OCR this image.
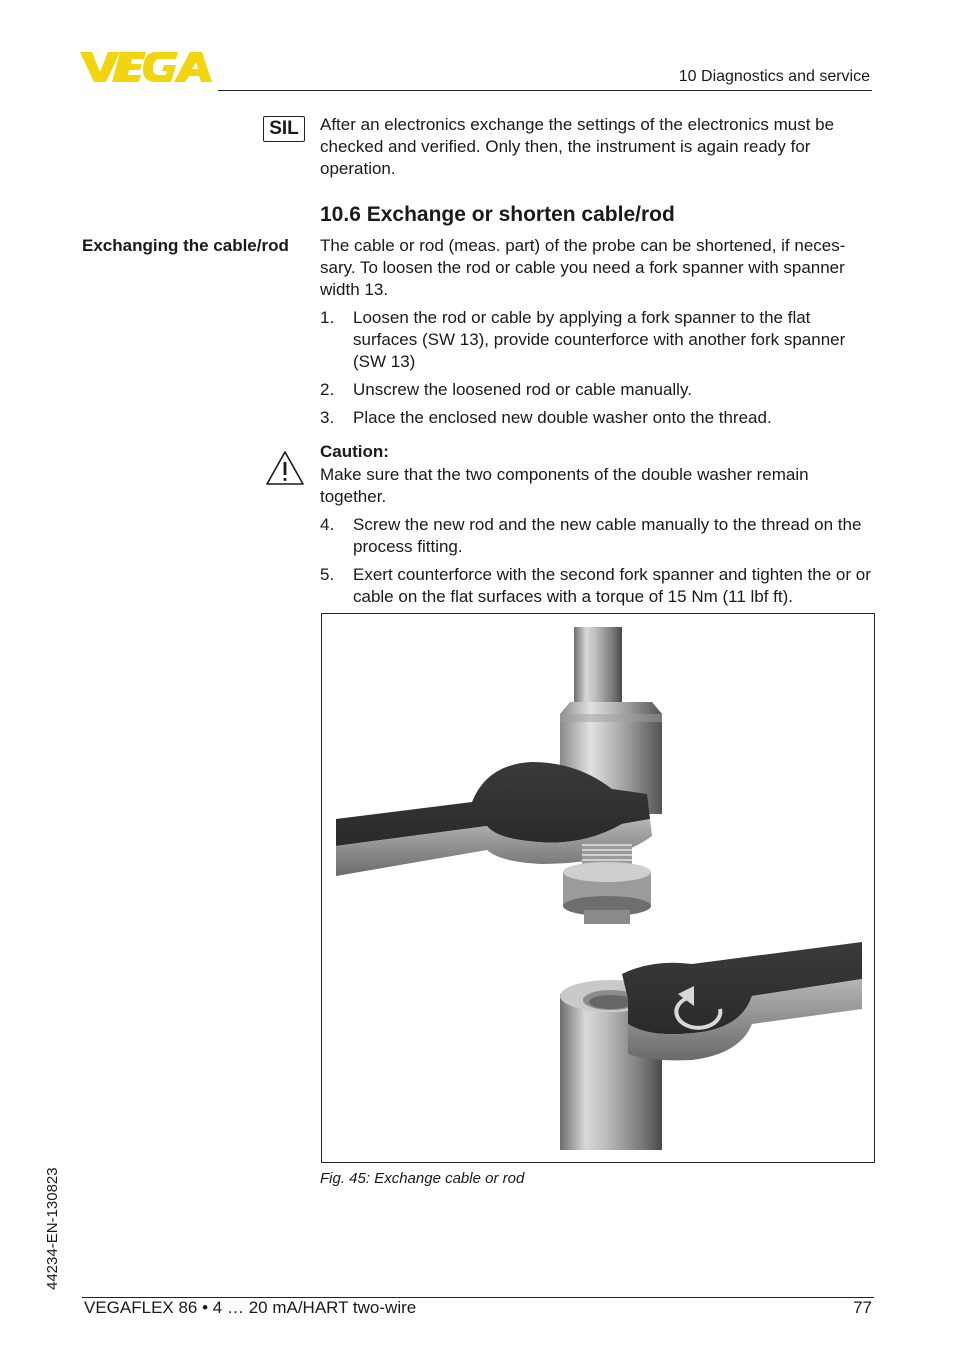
10 Diagnostics and service
SIL	After an electronics exchange the settings of the electronics must be checked and verified. Only then, the instrument is again ready for operation.
10.6 Exchange or shorten cable/rod
Exchanging the cable/rod The cable or rod (meas. part) of the probe can be shortened, if neces-sary. To loosen the rod or cable you need a fork spanner with spanner width 13.
1. Loosen the rod or cable by applying a fork spanner to the flat surfaces (SW 13), provide counterforce with another fork spanner (SW 13)
2. Unscrew the loosened rod or cable manually.
3. Place the enclosed new double washer onto the thread.
Caution:
Make sure that the two components of the double washer remain together.
4. Screw the new rod and the new cable manually to the thread on the process fitting.
5. Exert counterforce with the second fork spanner and tighten the or or cable on the flat surfaces with a torque of 15 Nm (11 lbf ft).
Fig. 45: Exchange cable or rod
44234-EN-130823
VEGAFLEX 86 • 4 … 20 mA/HART two-wire	77
